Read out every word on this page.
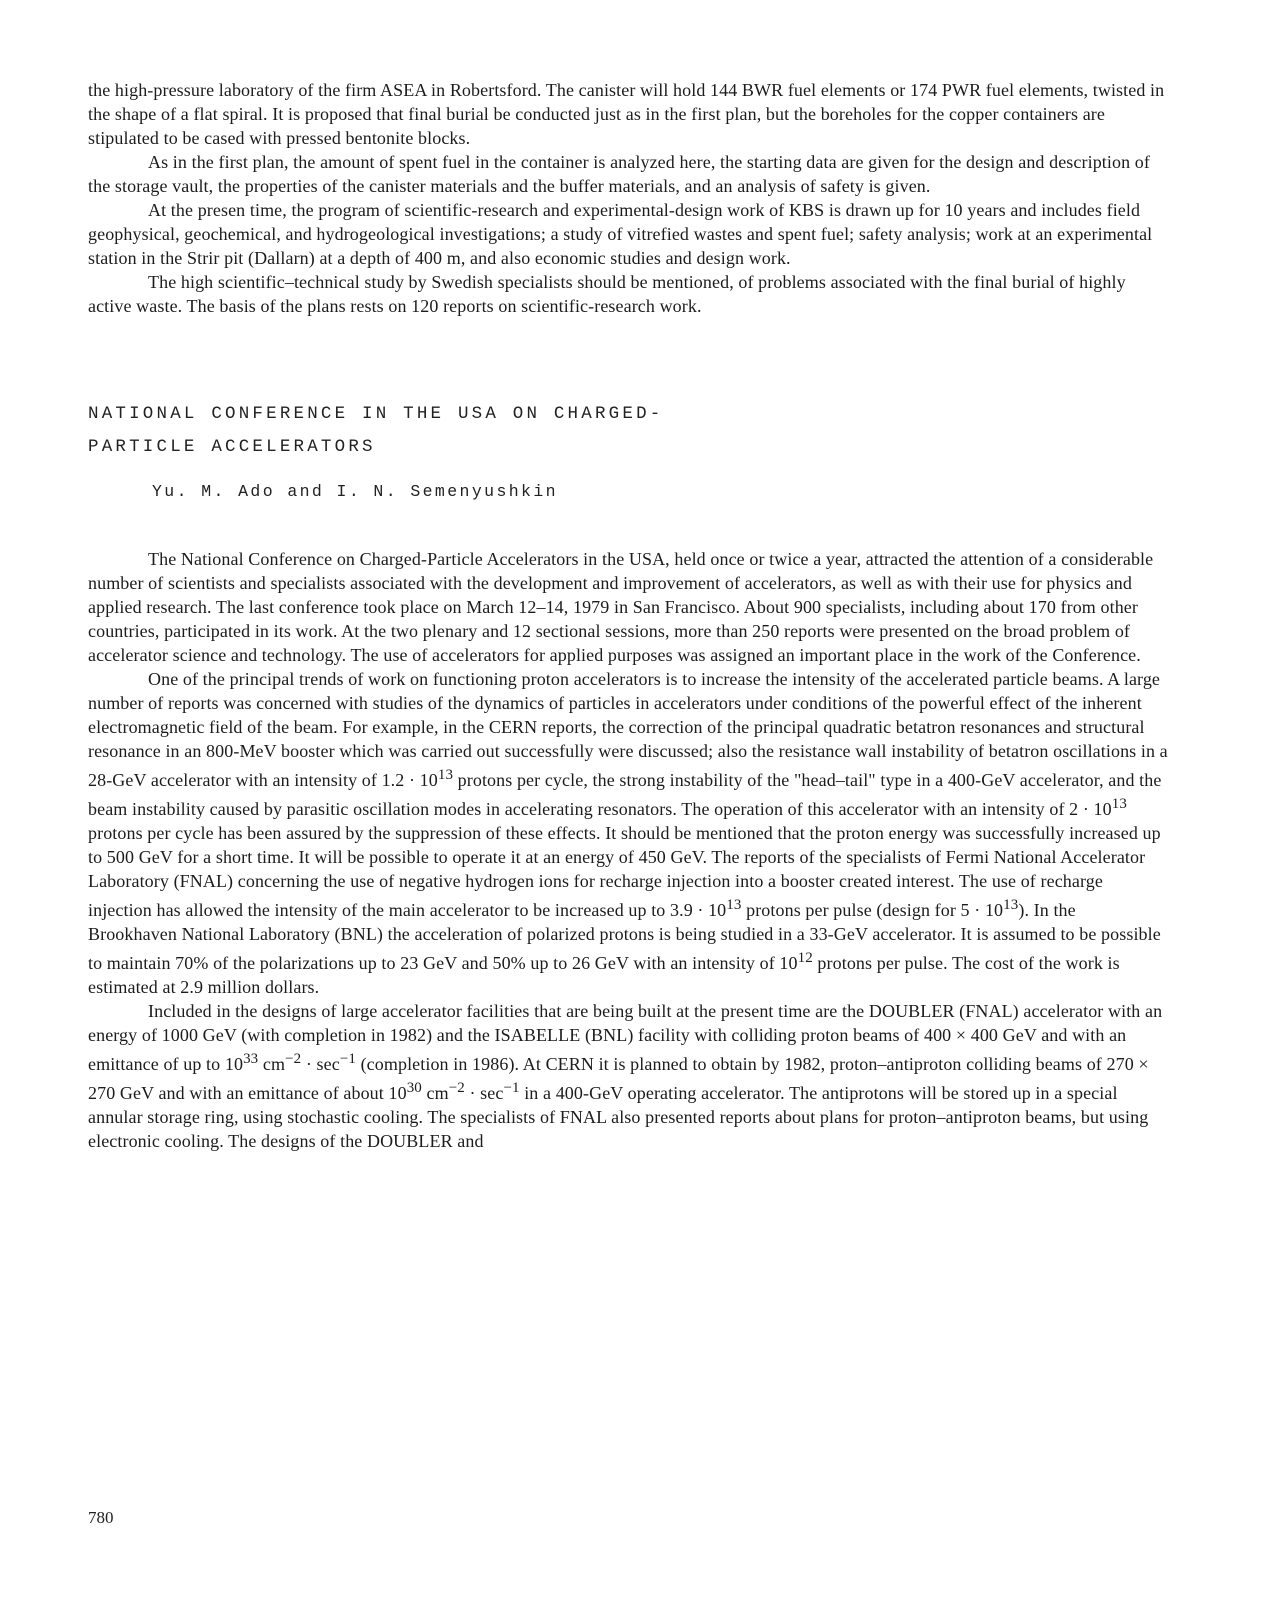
the high-pressure laboratory of the firm ASEA in Robertsford. The canister will hold 144 BWR fuel elements or 174 PWR fuel elements, twisted in the shape of a flat spiral. It is proposed that final burial be conducted just as in the first plan, but the boreholes for the copper containers are stipulated to be cased with pressed bentonite blocks.

As in the first plan, the amount of spent fuel in the container is analyzed here, the starting data are given for the design and description of the storage vault, the properties of the canister materials and the buffer materials, and an analysis of safety is given.

At the presen time, the program of scientific-research and experimental-design work of KBS is drawn up for 10 years and includes field geophysical, geochemical, and hydrogeological investigations; a study of vitrefied wastes and spent fuel; safety analysis; work at an experimental station in the Strir pit (Dallarn) at a depth of 400 m, and also economic studies and design work.

The high scientific–technical study by Swedish specialists should be mentioned, of problems associated with the final burial of highly active waste. The basis of the plans rests on 120 reports on scientific-research work.

NATIONAL CONFERENCE IN THE USA ON CHARGED-
PARTICLE ACCELERATORS
Yu. M. Ado and I. N. Semenyushkin

The National Conference on Charged-Particle Accelerators in the USA, held once or twice a year, attracted the attention of a considerable number of scientists and specialists associated with the development and improvement of accelerators, as well as with their use for physics and applied research. The last conference took place on March 12–14, 1979 in San Francisco. About 900 specialists, including about 170 from other countries, participated in its work. At the two plenary and 12 sectional sessions, more than 250 reports were presented on the broad problem of accelerator science and technology. The use of accelerators for applied purposes was assigned an important place in the work of the Conference.

One of the principal trends of work on functioning proton accelerators is to increase the intensity of the accelerated particle beams. A large number of reports was concerned with studies of the dynamics of particles in accelerators under conditions of the powerful effect of the inherent electromagnetic field of the beam. For example, in the CERN reports, the correction of the principal quadratic betatron resonances and structural resonance in an 800-MeV booster which was carried out successfully were discussed; also the resistance wall instability of betatron oscillations in a 28-GeV accelerator with an intensity of $1.2 \cdot 10^{13}$ protons per cycle, the strong instability of the "head–tail" type in a 400-GeV accelerator, and the beam instability caused by parasitic oscillation modes in accelerating resonators. The operation of this accelerator with an intensity of $2 \cdot 10^{13}$ protons per cycle has been assured by the suppression of these effects. It should be mentioned that the proton energy was successfully increased up to 500 GeV for a short time. It will be possible to operate it at an energy of 450 GeV. The reports of the specialists of Fermi National Accelerator Laboratory (FNAL) concerning the use of negative hydrogen ions for recharge injection into a booster created interest. The use of recharge injection has allowed the intensity of the main accelerator to be increased up to $3.9 \cdot 10^{13}$ protons per pulse (design for $5 \cdot 10^{13}$). In the Brookhaven National Laboratory (BNL) the acceleration of polarized protons is being studied in a 33-GeV accelerator. It is assumed to be possible to maintain 70% of the polarizations up to 23 GeV and 50% up to 26 GeV with an intensity of $10^{12}$ protons per pulse. The cost of the work is estimated at 2.9 million dollars.

Included in the designs of large accelerator facilities that are being built at the present time are the DOUBLER (FNAL) accelerator with an energy of 1000 GeV (with completion in 1982) and the ISABELLE (BNL) facility with colliding proton beams of 400 × 400 GeV and with an emittance of up to $10^{33}$ $cm^{-2} \cdot \sec^{-1}$ (completion in 1986). At CERN it is planned to obtain by 1982, proton–antiproton colliding beams of 270 × 270 GeV and with an emittance of about $10^{30}$ $cm^{-2} \cdot \sec^{-1}$ in a 400-GeV operating accelerator. The antiprotons will be stored up in a special annular storage ring, using stochastic cooling. The specialists of FNAL also presented reports about plans for proton–antiproton beams, but using electronic cooling. The designs of the DOUBLER and

780
